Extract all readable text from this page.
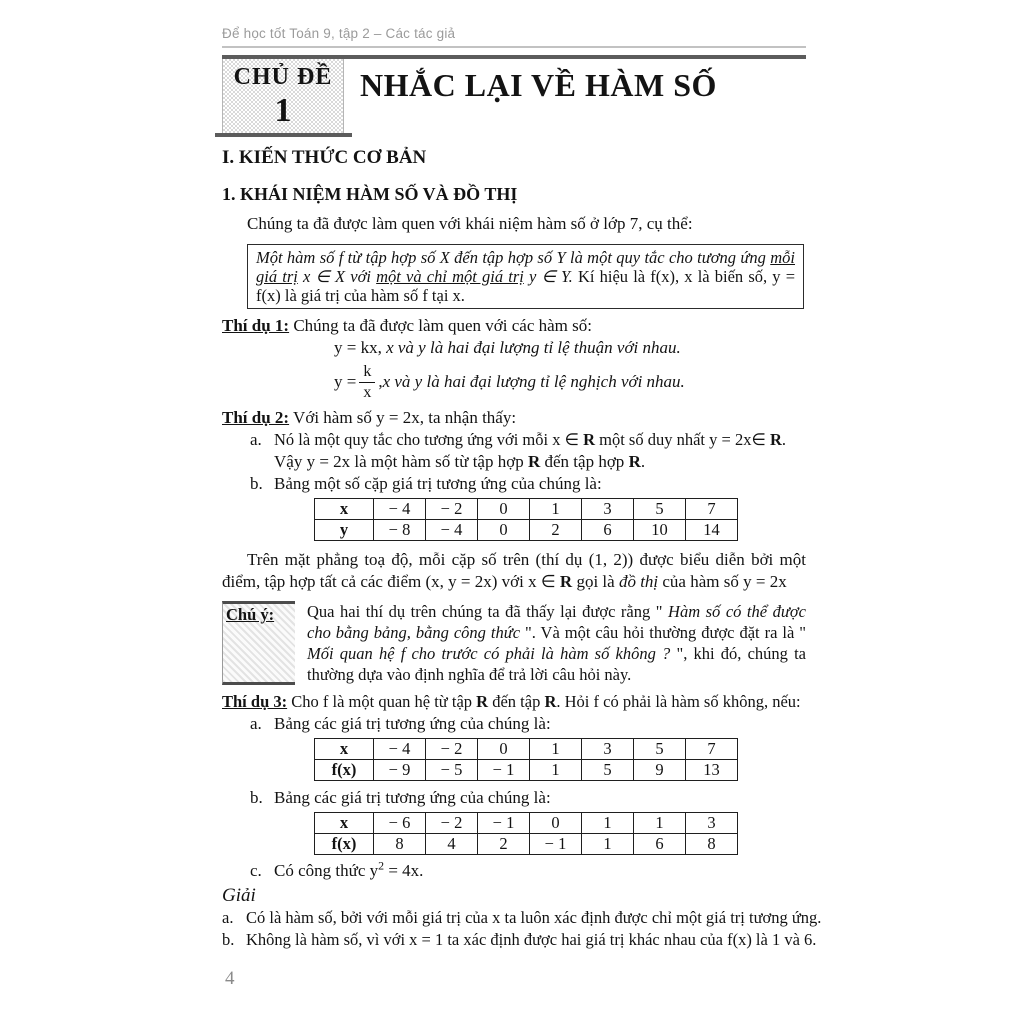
Để học tốt Toán 9, tập 2 – Các tác giả
CHỦ ĐỀ
1
NHẮC LẠI VỀ HÀM SỐ
I. KIẾN THỨC CƠ BẢN
1. KHÁI NIỆM HÀM SỐ VÀ ĐỒ THỊ
Chúng ta đã được làm quen với khái niệm hàm số ở lớp 7, cụ thể:
Một hàm số f từ tập hợp số X đến tập hợp số Y là một quy tắc cho tương ứng mỗi giá trị x ∈ X với một và chỉ một giá trị y ∈ Y. Kí hiệu là f(x), x là biến số, y = f(x) là giá trị của hàm số f tại x.
Thí dụ 1: Chúng ta đã được làm quen với các hàm số:
y = kx, x và y là hai đại lượng tỉ lệ thuận với nhau.
$y = \frac{k}{x}$ , x và y là hai đại lượng tỉ lệ nghịch với nhau.
Thí dụ 2: Với hàm số y = 2x, ta nhận thấy:
a. Nó là một quy tắc cho tương ứng với mỗi x ∈ R một số duy nhất y = 2x∈ R.
Vậy y = 2x là một hàm số từ tập hợp R đến tập hợp R.
b. Bảng một số cặp giá trị tương ứng của chúng là:
x	− 4	− 2	0	1	3	5	7
y	− 8	− 4	0	2	6	10	14
Trên mặt phẳng toạ độ, mỗi cặp số trên (thí dụ (1, 2)) được biểu diễn bởi một điểm, tập hợp tất cả các điểm (x, y = 2x) với x ∈ R gọi là đồ thị của hàm số y = 2x
Chú ý:	Qua hai thí dụ trên chúng ta đã thấy lại được rằng " Hàm số có thể được cho bằng bảng, bằng công thức ". Và một câu hỏi thường được đặt ra là " Mối quan hệ f cho trước có phải là hàm số không ? ", khi đó, chúng ta thường dựa vào định nghĩa để trả lời câu hỏi này.
Thí dụ 3: Cho f là một quan hệ từ tập R đến tập R. Hỏi f có phải là hàm số không, nếu:
a. Bảng các giá trị tương ứng của chúng là:
x	− 4	− 2	0	1	3	5	7
f(x)	− 9	− 5	− 1	1	5	9	13
b. Bảng các giá trị tương ứng của chúng là:
x	− 6	− 2	− 1	0	1	1	3
f(x)	8	4	2	− 1	1	6	8
c. Có công thức $y^2 = 4x$.
Giải
a. Có là hàm số, bởi với mỗi giá trị của x ta luôn xác định được chỉ một giá trị tương ứng.
b. Không là hàm số, vì với x = 1 ta xác định được hai giá trị khác nhau của f(x) là 1 và 6.
4
